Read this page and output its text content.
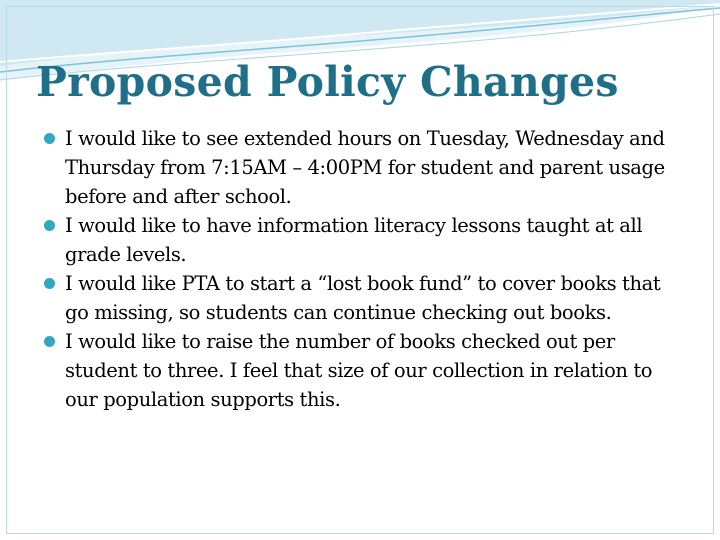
Proposed Policy Changes
I would like to see extended hours on Tuesday, Wednesday and Thursday from 7:15AM – 4:00PM for student and parent usage before and after school.
I would like to have information literacy lessons taught at all grade levels.
I would like PTA to start a “lost book fund” to cover books that go missing, so students can continue checking out books.
I would like to raise the number of books checked out per student to three. I feel that size of our collection in relation to our population supports this.
